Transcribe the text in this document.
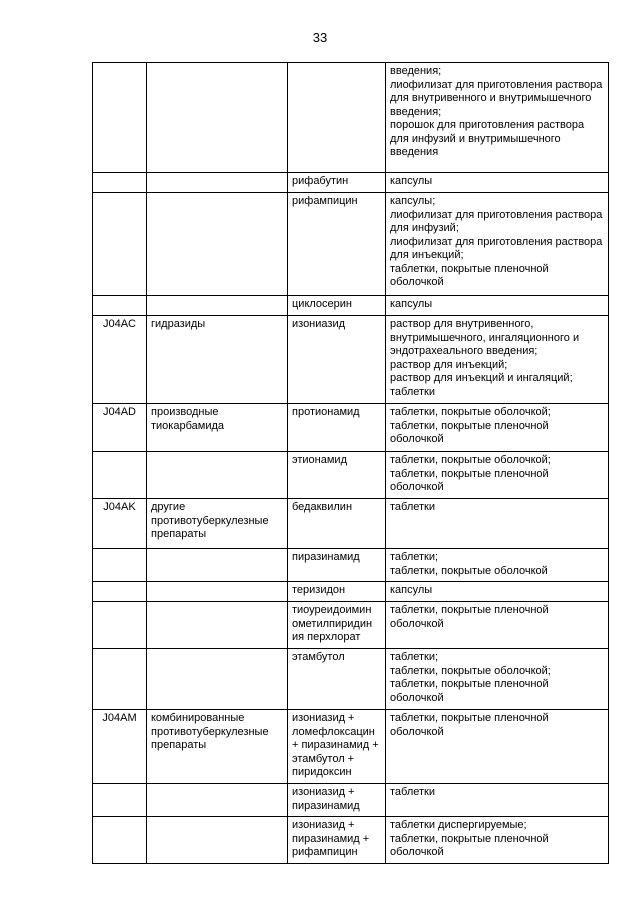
33
			введения;
лиофилизат для приготовления раствора для внутривенного и внутримышечного введения;
порошок для приготовления раствора для инфузий и внутримышечного введения
		рифабутин	капсулы
		рифампицин	капсулы;
лиофилизат для приготовления раствора для инфузий;
лиофилизат для приготовления раствора для инъекций;
таблетки, покрытые пленочной оболочкой
		циклосерин	капсулы
J04AC	гидразиды	изониазид	раствор для внутривенного, внутримышечного, ингаляционного и эндотрахеального введения;
раствор для инъекций;
раствор для инъекций и ингаляций;
таблетки
J04AD	производные тиокарбамида	протионамид	таблетки, покрытые оболочкой;
таблетки, покрытые пленочной оболочкой
		этионамид	таблетки, покрытые оболочкой;
таблетки, покрытые пленочной оболочкой
J04AK	другие противотуберкулезные препараты	бедаквилин	таблетки
		пиразинамид	таблетки;
таблетки, покрытые оболочкой
		теризидон	капсулы
		тиоуреидоимин ометилпиридин ия перхлорат	таблетки, покрытые пленочной оболочкой
		этамбутол	таблетки;
таблетки, покрытые оболочкой;
таблетки, покрытые пленочной оболочкой
J04AM	комбинированные противотуберкулезные препараты	изониазид + ломефлоксацин + пиразинамид + этамбутол + пиридоксин	таблетки, покрытые пленочной оболочкой
		изониазид + пиразинамид	таблетки
		изониазид + пиразинамид + рифампицин	таблетки диспергируемые;
таблетки, покрытые пленочной оболочкой
